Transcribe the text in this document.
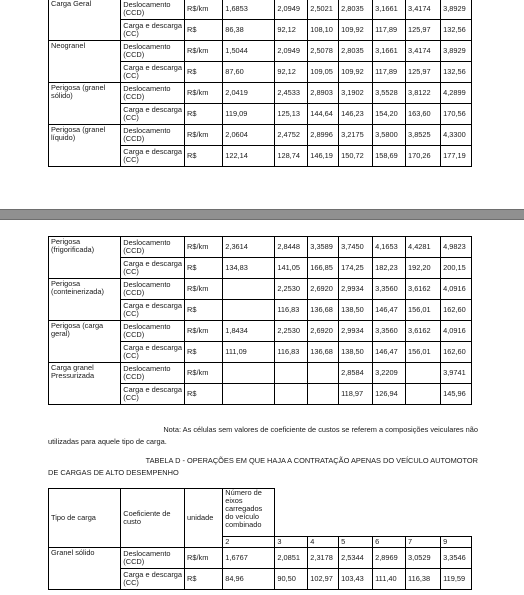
Carga Geral	Deslocamento (CCD)	R$/km	1,6853	2,0949	2,5021	2,8035	3,1661	3,4174	3,8929
	Carga e descarga (CC)	R$	86,38	92,12	108,10	109,92	117,89	125,97	132,56
Neogranel	Deslocamento (CCD)	R$/km	1,5044	2,0949	2,5078	2,8035	3,1661	3,4174	3,8929
	Carga e descarga (CC)	R$	87,60	92,12	109,05	109,92	117,89	125,97	132,56
Perigosa (granel sólido)	Deslocamento (CCD)	R$/km	2,0419	2,4533	2,8903	3,1902	3,5528	3,8122	4,2899
	Carga e descarga (CC)	R$	119,09	125,13	144,64	146,23	154,20	163,60	170,56
Perigosa (granel líquido)	Deslocamento (CCD)	R$/km	2,0604	2,4752	2,8996	3,2175	3,5800	3,8525	4,3300
	Carga e descarga (CC)	R$	122,14	128,74	146,19	150,72	158,69	170,26	177,19
Perigosa (frigorificada)	Deslocamento (CCD)	R$/km	2,3614	2,8448	3,3589	3,7450	4,1653	4,4281	4,9823
	Carga e descarga (CC)	R$	134,83	141,05	166,85	174,25	182,23	192,20	200,15
Perigosa (conteinerizada)	Deslocamento (CCD)	R$/km		2,2530	2,6920	2,9934	3,3560	3,6162	4,0916
	Carga e descarga (CC)	R$		116,83	136,68	138,50	146,47	156,01	162,60
Perigosa (carga geral)	Deslocamento (CCD)	R$/km	1,8434	2,2530	2,6920	2,9934	3,3560	3,6162	4,0916
	Carga e descarga (CC)	R$	111,09	116,83	136,68	138,50	146,47	156,01	162,60
Carga granel Pressurizada	Deslocamento (CCD)	R$/km				2,8584	3,2209		3,9741
	Carga e descarga (CC)	R$				118,97	126,94		145,96
Nota: As células sem valores de coeficiente de custos se referem a composições veiculares não
utilizadas para aquele tipo de carga.
TABELA D - OPERAÇÕES EM QUE HAJA A CONTRATAÇÃO APENAS DO VEÍCULO AUTOMOTOR
DE CARGAS DE ALTO DESEMPENHO
Tipo de carga	Coeficiente de custo	unidade	Número de eixos carregados do veículo combinado						
			2	3	4	5	6	7	9
Granel sólido	Deslocamento (CCD)	R$/km	1,6767	2,0851	2,3178	2,5344	2,8969	3,0529	3,3546
	Carga e descarga (CC)	R$	84,96	90,50	102,97	103,43	111,40	116,38	119,59
